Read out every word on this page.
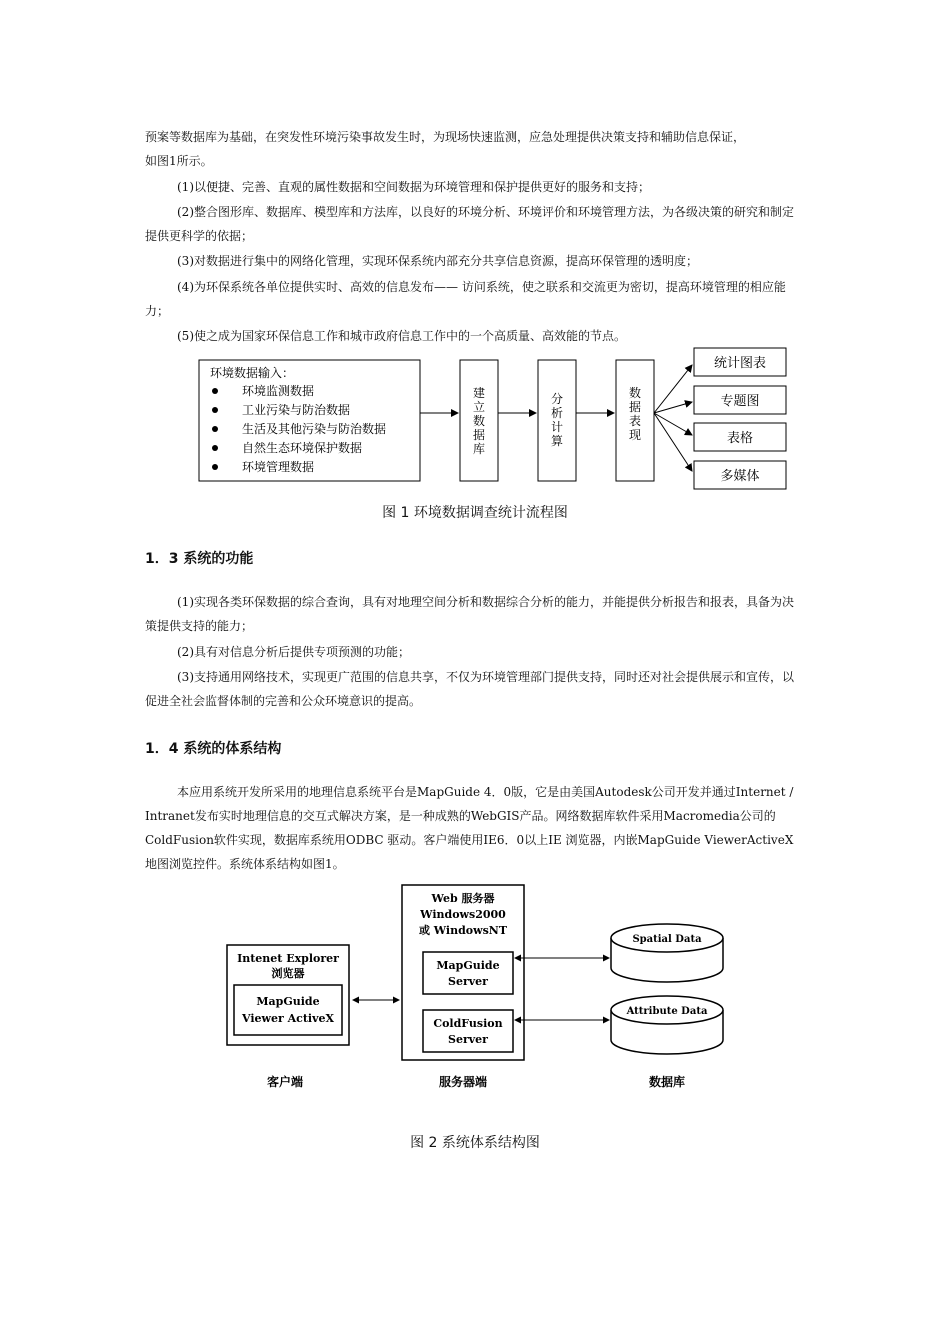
预案等数据库为基础，在突发性环境污染事故发生时，为现场快速监测，应急处理提供决策支持和辅助信息保证，

如图1所示。

(1)以便捷、完善、直观的属性数据和空间数据为环境管理和保护提供更好的服务和支持；

(2)整合图形库、数据库、模型库和方法库，以良好的环境分析、环境评价和环境管理方法，为各级决策的研究和制定提供更科学的依据；

(3)对数据进行集中的网络化管理，实现环保系统内部充分共享信息资源，提高环保管理的透明度；

(4)为环保系统各单位提供实时、高效的信息发布—— 访问系统，使之联系和交流更为密切，提高环境管理的相应能力；

(5)使之成为国家环保信息工作和城市政府信息工作中的一个高质量、高效能的节点。

环境数据输入：
环境监测数据
工业污染与防治数据
生活及其他污染与防治数据
自然生态环境保护数据
环境管理数据
建
立
数
据
库
分
析
计
算
数
据
表
现
统计图表
专题图
表格
多媒体

图 1 环境数据调查统计流程图

1．3 系统的功能

(1)实现各类环保数据的综合查询，具有对地理空间分析和数据综合分析的能力，并能提供分析报告和报表，具备为决策提供支持的能力；

(2)具有对信息分析后提供专项预测的功能；

(3)支持通用网络技术，实现更广范围的信息共享，不仅为环境管理部门提供支持，同时还对社会提供展示和宣传，以促进全社会监督体制的完善和公众环境意识的提高。

1．4 系统的体系结构

本应用系统开发所采用的地理信息系统平台是MapGuide 4．0版，它是由美国Autodesk公司开发并通过Internet / Intranet发布实时地理信息的交互式解决方案，是一种成熟的WebGIS产品。网络数据库软件采用Macromedia公司的ColdFusion软件实现，数据库系统用ODBC 驱动。客户端使用IE6．0以上IE 浏览器，内嵌MapGuide ViewerActiveX地图浏览控件。系统体系结构如图1。

Intenet Explorer
浏览器
MapGuide
Viewer ActiveX
Web 服务器
Windows2000
或 WindowsNT
MapGuide
Server
ColdFusion
Server
Spatial Data
Attribute Data
客户端	服务器端	数据库

图 2 系统体系结构图
